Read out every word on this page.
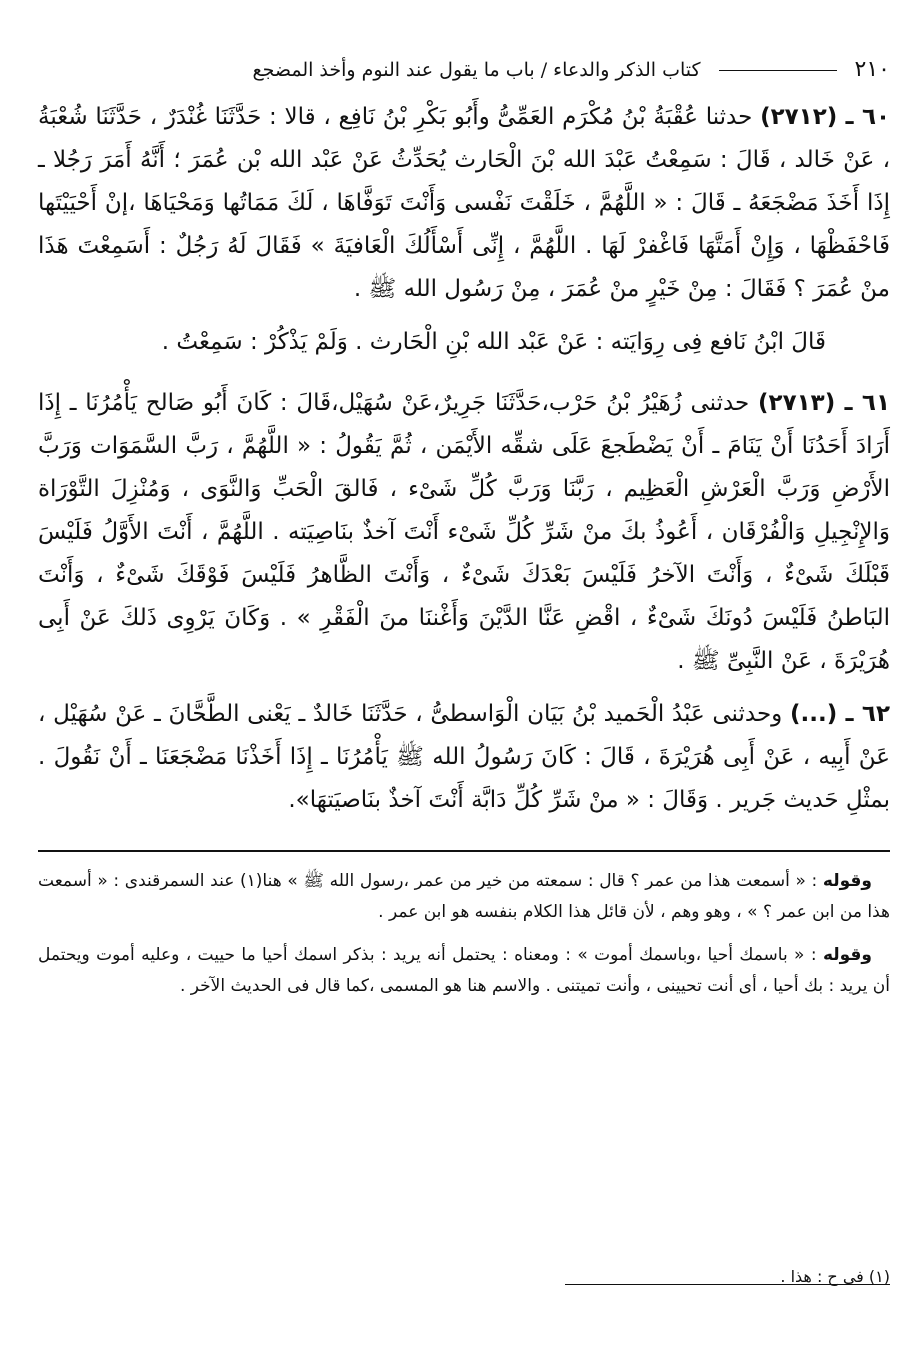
٢١٠
كتاب الذكر والدعاء / باب ما يقول عند النوم وأخذ المضجع

٦٠ ـ (٢٧١٢) حدثنا عُقْبَةُ بْنُ مُكْرَم العَمِّىُّ وأَبُو بَكْرِ بْنُ نَافِع ، قالا : حَدَّثَنَا غُنْدَرٌ ، حَدَّثَنَا شُعْبَةُ ، عَنْ خَالد ، قَالَ : سَمِعْتُ عَبْدَ الله بْنَ الْحَارث يُحَدِّثُ عَنْ عَبْد الله بْن عُمَرَ ؛ أَنَّهُ أَمَرَ رَجُلا ـ إِذَا أَخَذَ مَضْجَعَهُ ـ قَالَ : « اللَّهُمَّ ، خَلَقْتَ نَفْسى وَأَنْتَ تَوَفَّاهَا ، لَكَ مَمَاتُها وَمَحْيَاهَا ،إنْ أَحْيَيْتَها فَاحْفَظْهَا ، وَإِنْ أَمَتَّهَا فَاغْفرْ لَهَا . اللَّهُمَّ ، إِنِّى أَسْأَلُكَ الْعَافيَةَ » فَقَالَ لَهُ رَجُلٌ : أَسَمِعْتَ هَذَا منْ عُمَرَ ؟ فَقَالَ : مِنْ خَيْرٍ منْ عُمَرَ ، مِنْ رَسُول الله ﷺ .

قَالَ ابْنُ نَافع فِى رِوَايَته : عَنْ عَبْد الله بْنِ الْحَارث . وَلَمْ يَذْكُرْ : سَمِعْتُ .

٦١ ـ (٢٧١٣) حدثنى زُهَيْرُ بْنُ حَرْب،حَدَّثَنَا جَرِيرٌ،عَنْ سُهَيْل،قَالَ : كَانَ أَبُو صَالح يَأْمُرُنَا ـ إِذَا أَرَادَ أَحَدُنَا أَنْ يَنَامَ ـ أَنْ يَضْطَجعَ عَلَى شقِّه الأَيْمَن ، ثُمَّ يَقُولُ : « اللَّهُمَّ ، رَبَّ السَّمَوَات وَرَبَّ الأَرْضِ وَرَبَّ الْعَرْشِ الْعَظِيم ، رَبَّنَا وَرَبَّ كُلِّ شَىْء ، فَالقَ الْحَبِّ وَالنَّوَى ، وَمُنْزِلَ التَّوْرَاة وَالإِنْجِيلِ وَالْفُرْقَان ، أَعُوذُ بكَ منْ شَرِّ كُلِّ شَىْء أَنْتَ آخذٌ بنَاصِيَته . اللَّهُمَّ ، أَنْتَ الأَوَّلُ فَلَيْسَ قَبْلَكَ شَىْءٌ ، وَأَنْتَ الآخرُ فَلَيْسَ بَعْدَكَ شَىْءٌ ، وَأَنْتَ الظَّاهرُ فَلَيْسَ فَوْقَكَ شَىْءٌ ، وَأَنْتَ البَاطنُ فَلَيْسَ دُونَكَ شَىْءٌ ، اقْضِ عَنَّا الدَّيْنَ وَأَغْننَا منَ الْفَقْرِ » . وَكَانَ يَرْوِى ذَلكَ عَنْ أَبِى هُرَيْرَةَ ، عَنْ النَّبِىِّ ﷺ .

٦٢ ـ (...) وحدثنى عَبْدُ الْحَميد بْنُ بَيَان الْوَاسطىُّ ، حَدَّثَنَا خَالدٌ ـ يَعْنى الطَّحَّانَ ـ عَنْ سُهَيْل ، عَنْ أَبِيه ، عَنْ أَبِى هُرَيْرَةَ ، قَالَ : كَانَ رَسُولُ الله ﷺ يَأْمُرُنَا ـ إِذَا أَخَذْنَا مَضْجَعَنَا ـ أَنْ نَقُولَ . بمثْلِ حَديث جَرير . وَقَالَ : « منْ شَرِّ كُلِّ دَابَّة أَنْتَ آخذٌ بنَاصيَتهَا».

وقوله : « أسمعت هذا من عمر ؟ قال : سمعته من خير من عمر ،رسول الله ﷺ » هنا(١) عند السمرقندى : « أسمعت هذا من ابن عمر ؟ » ، وهو وهم ، لأن قائل هذا الكلام بنفسه هو ابن عمر .
وقوله : « باسمك أحيا ،وباسمك أموت » : ومعناه : يحتمل أنه يريد : بذكر اسمك أحيا ما حييت ، وعليه أموت ويحتمل أن يريد : بك أحيا ، أى أنت تحيينى ، وأنت تميتنى . والاسم هنا هو المسمى ،كما قال فى الحديث الآخر .
(١) فى ح : هذا .
